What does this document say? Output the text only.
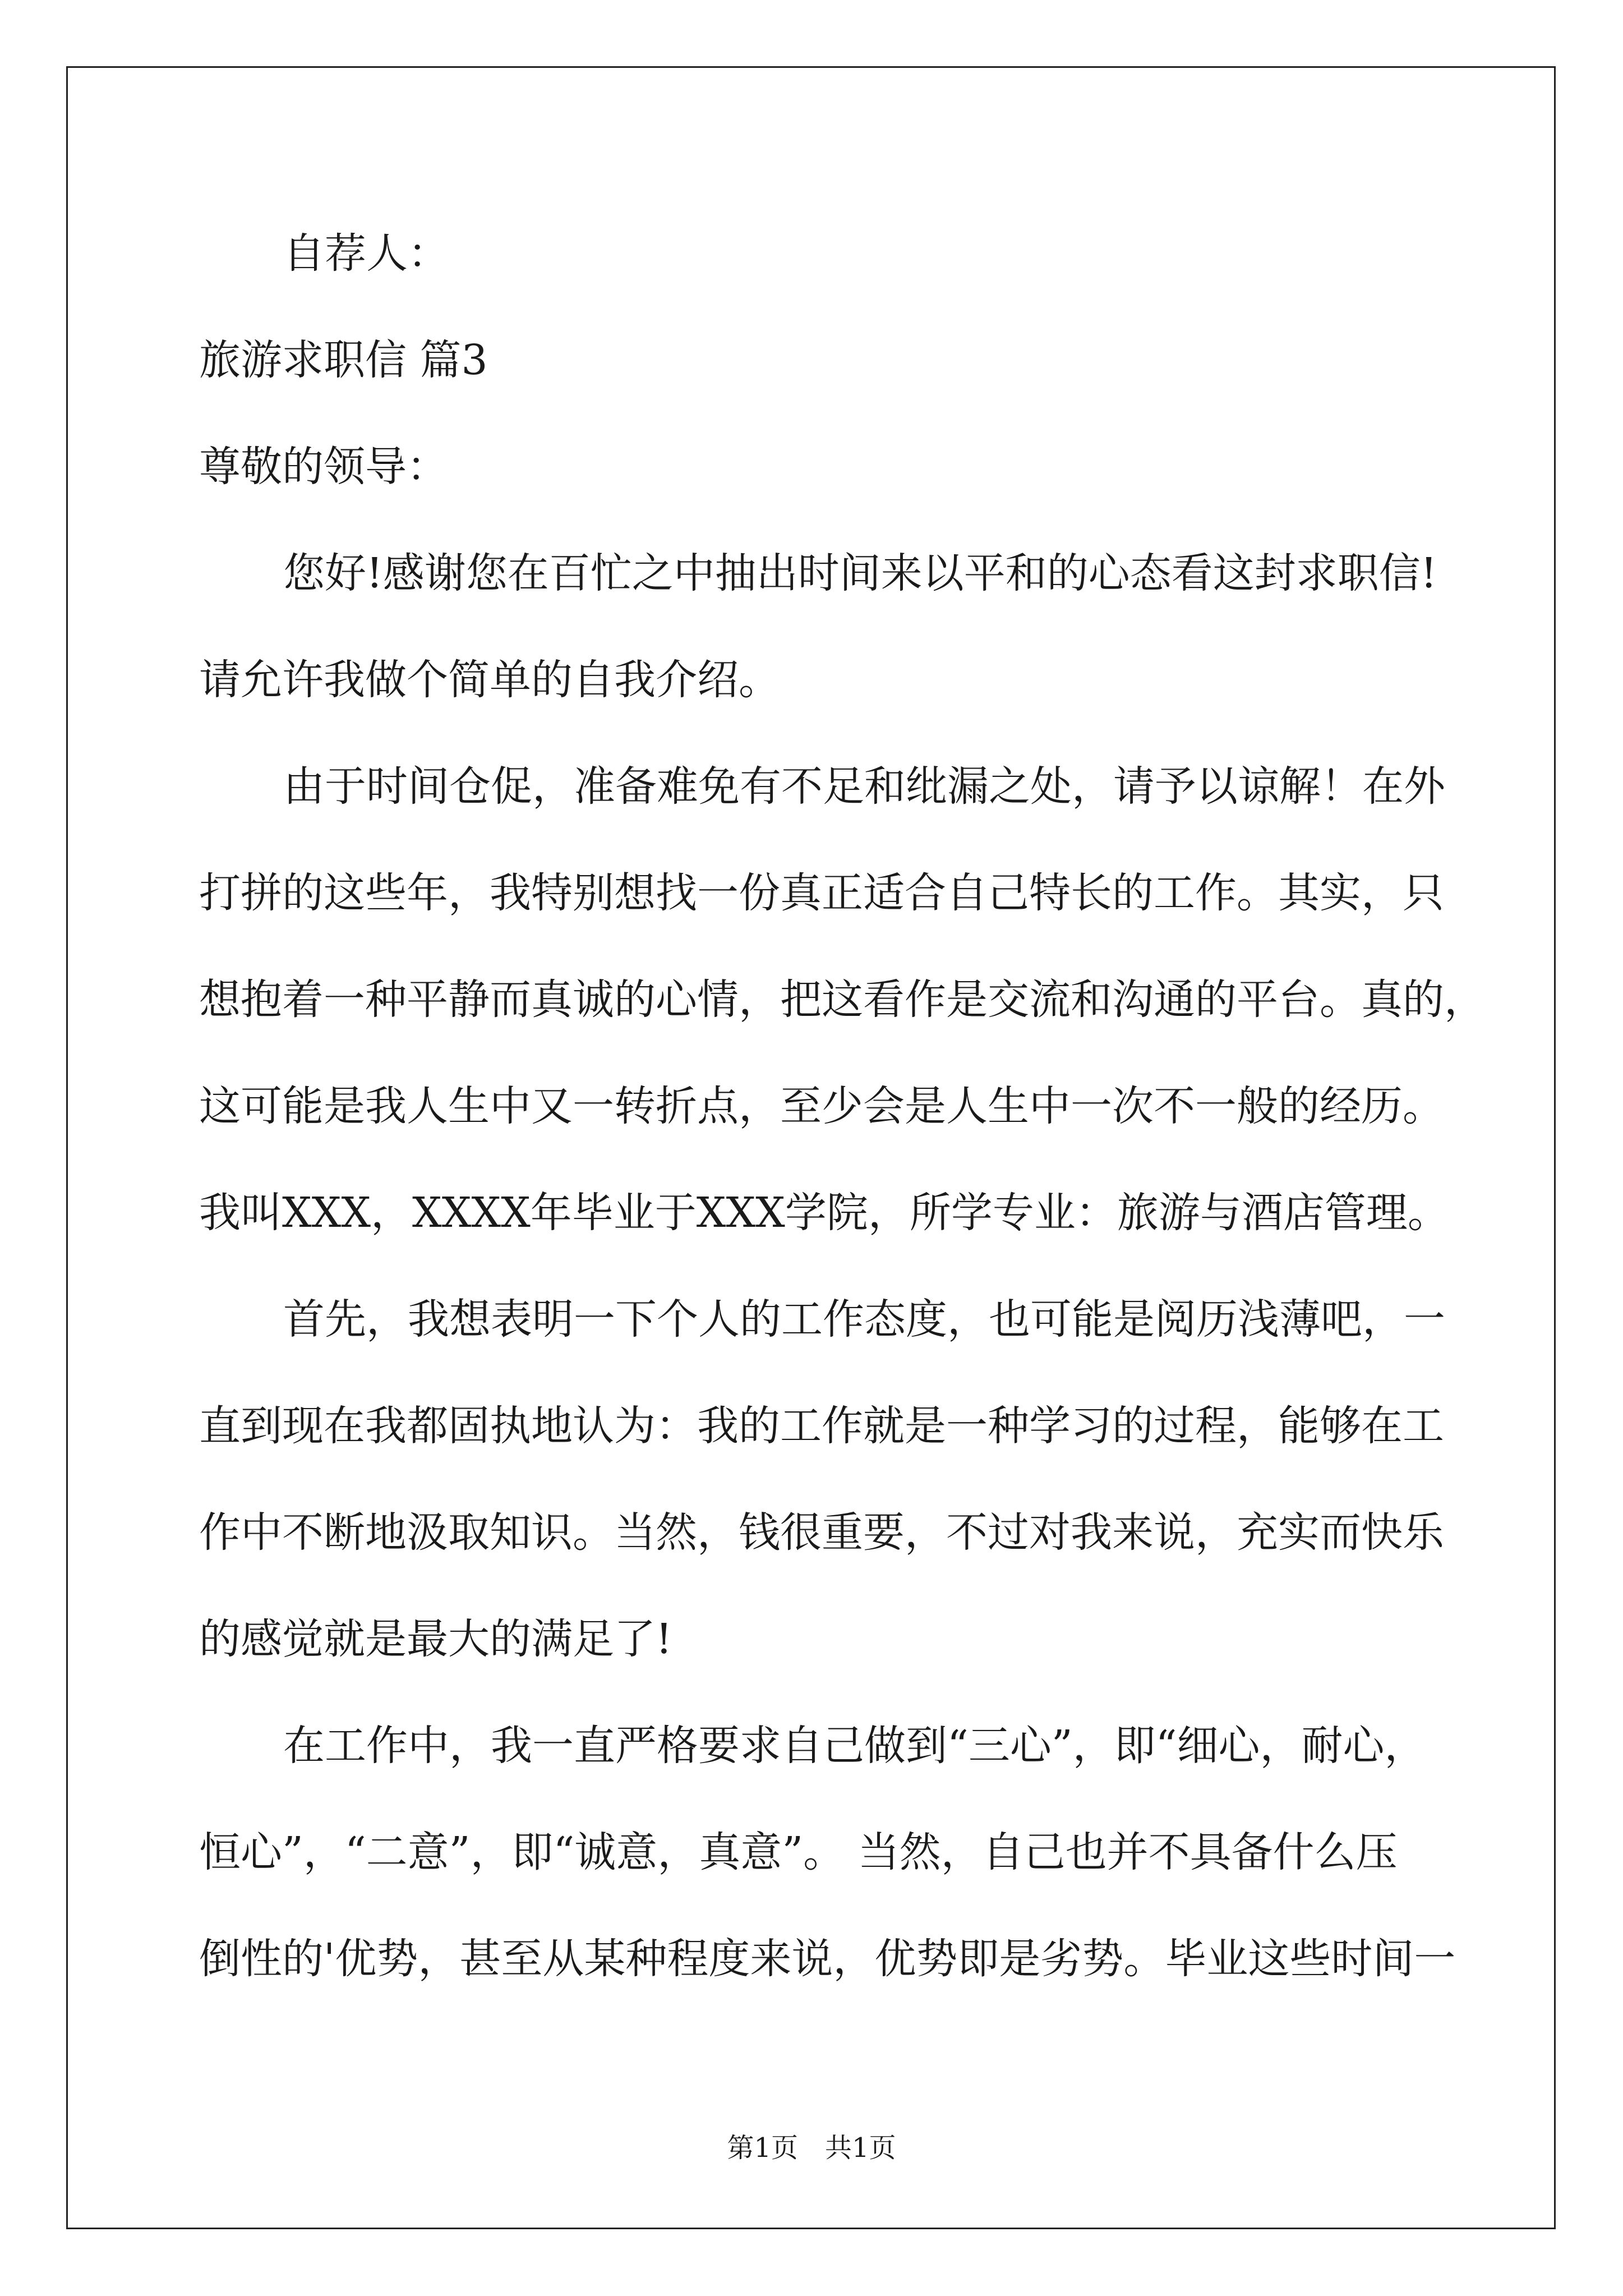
自荐人：
旅游求职信 篇3
尊敬的领导：
您好!感谢您在百忙之中抽出时间来以平和的心态看这封求职信!
请允许我做个简单的自我介绍。
由于时间仓促，准备难免有不足和纰漏之处，请予以谅解！在外
打拼的这些年，我特别想找一份真正适合自己特长的工作。其实，只
想抱着一种平静而真诚的心情，把这看作是交流和沟通的平台。真的，
这可能是我人生中又一转折点，至少会是人生中一次不一般的经历。
我叫XXX，XXXX年毕业于XXX学院，所学专业：旅游与酒店管理。
首先，我想表明一下个人的工作态度，也可能是阅历浅薄吧，一
直到现在我都固执地认为：我的工作就是一种学习的过程，能够在工
作中不断地汲取知识。当然，钱很重要，不过对我来说，充实而快乐
的感觉就是最大的满足了!
在工作中，我一直严格要求自己做到“三心”，即“细心，耐心，
恒心”，“二意”，即“诚意，真意”。 当然，自己也并不具备什么压
倒性的'优势，甚至从某种程度来说，优势即是劣势。毕业这些时间一
第1页　共1页
